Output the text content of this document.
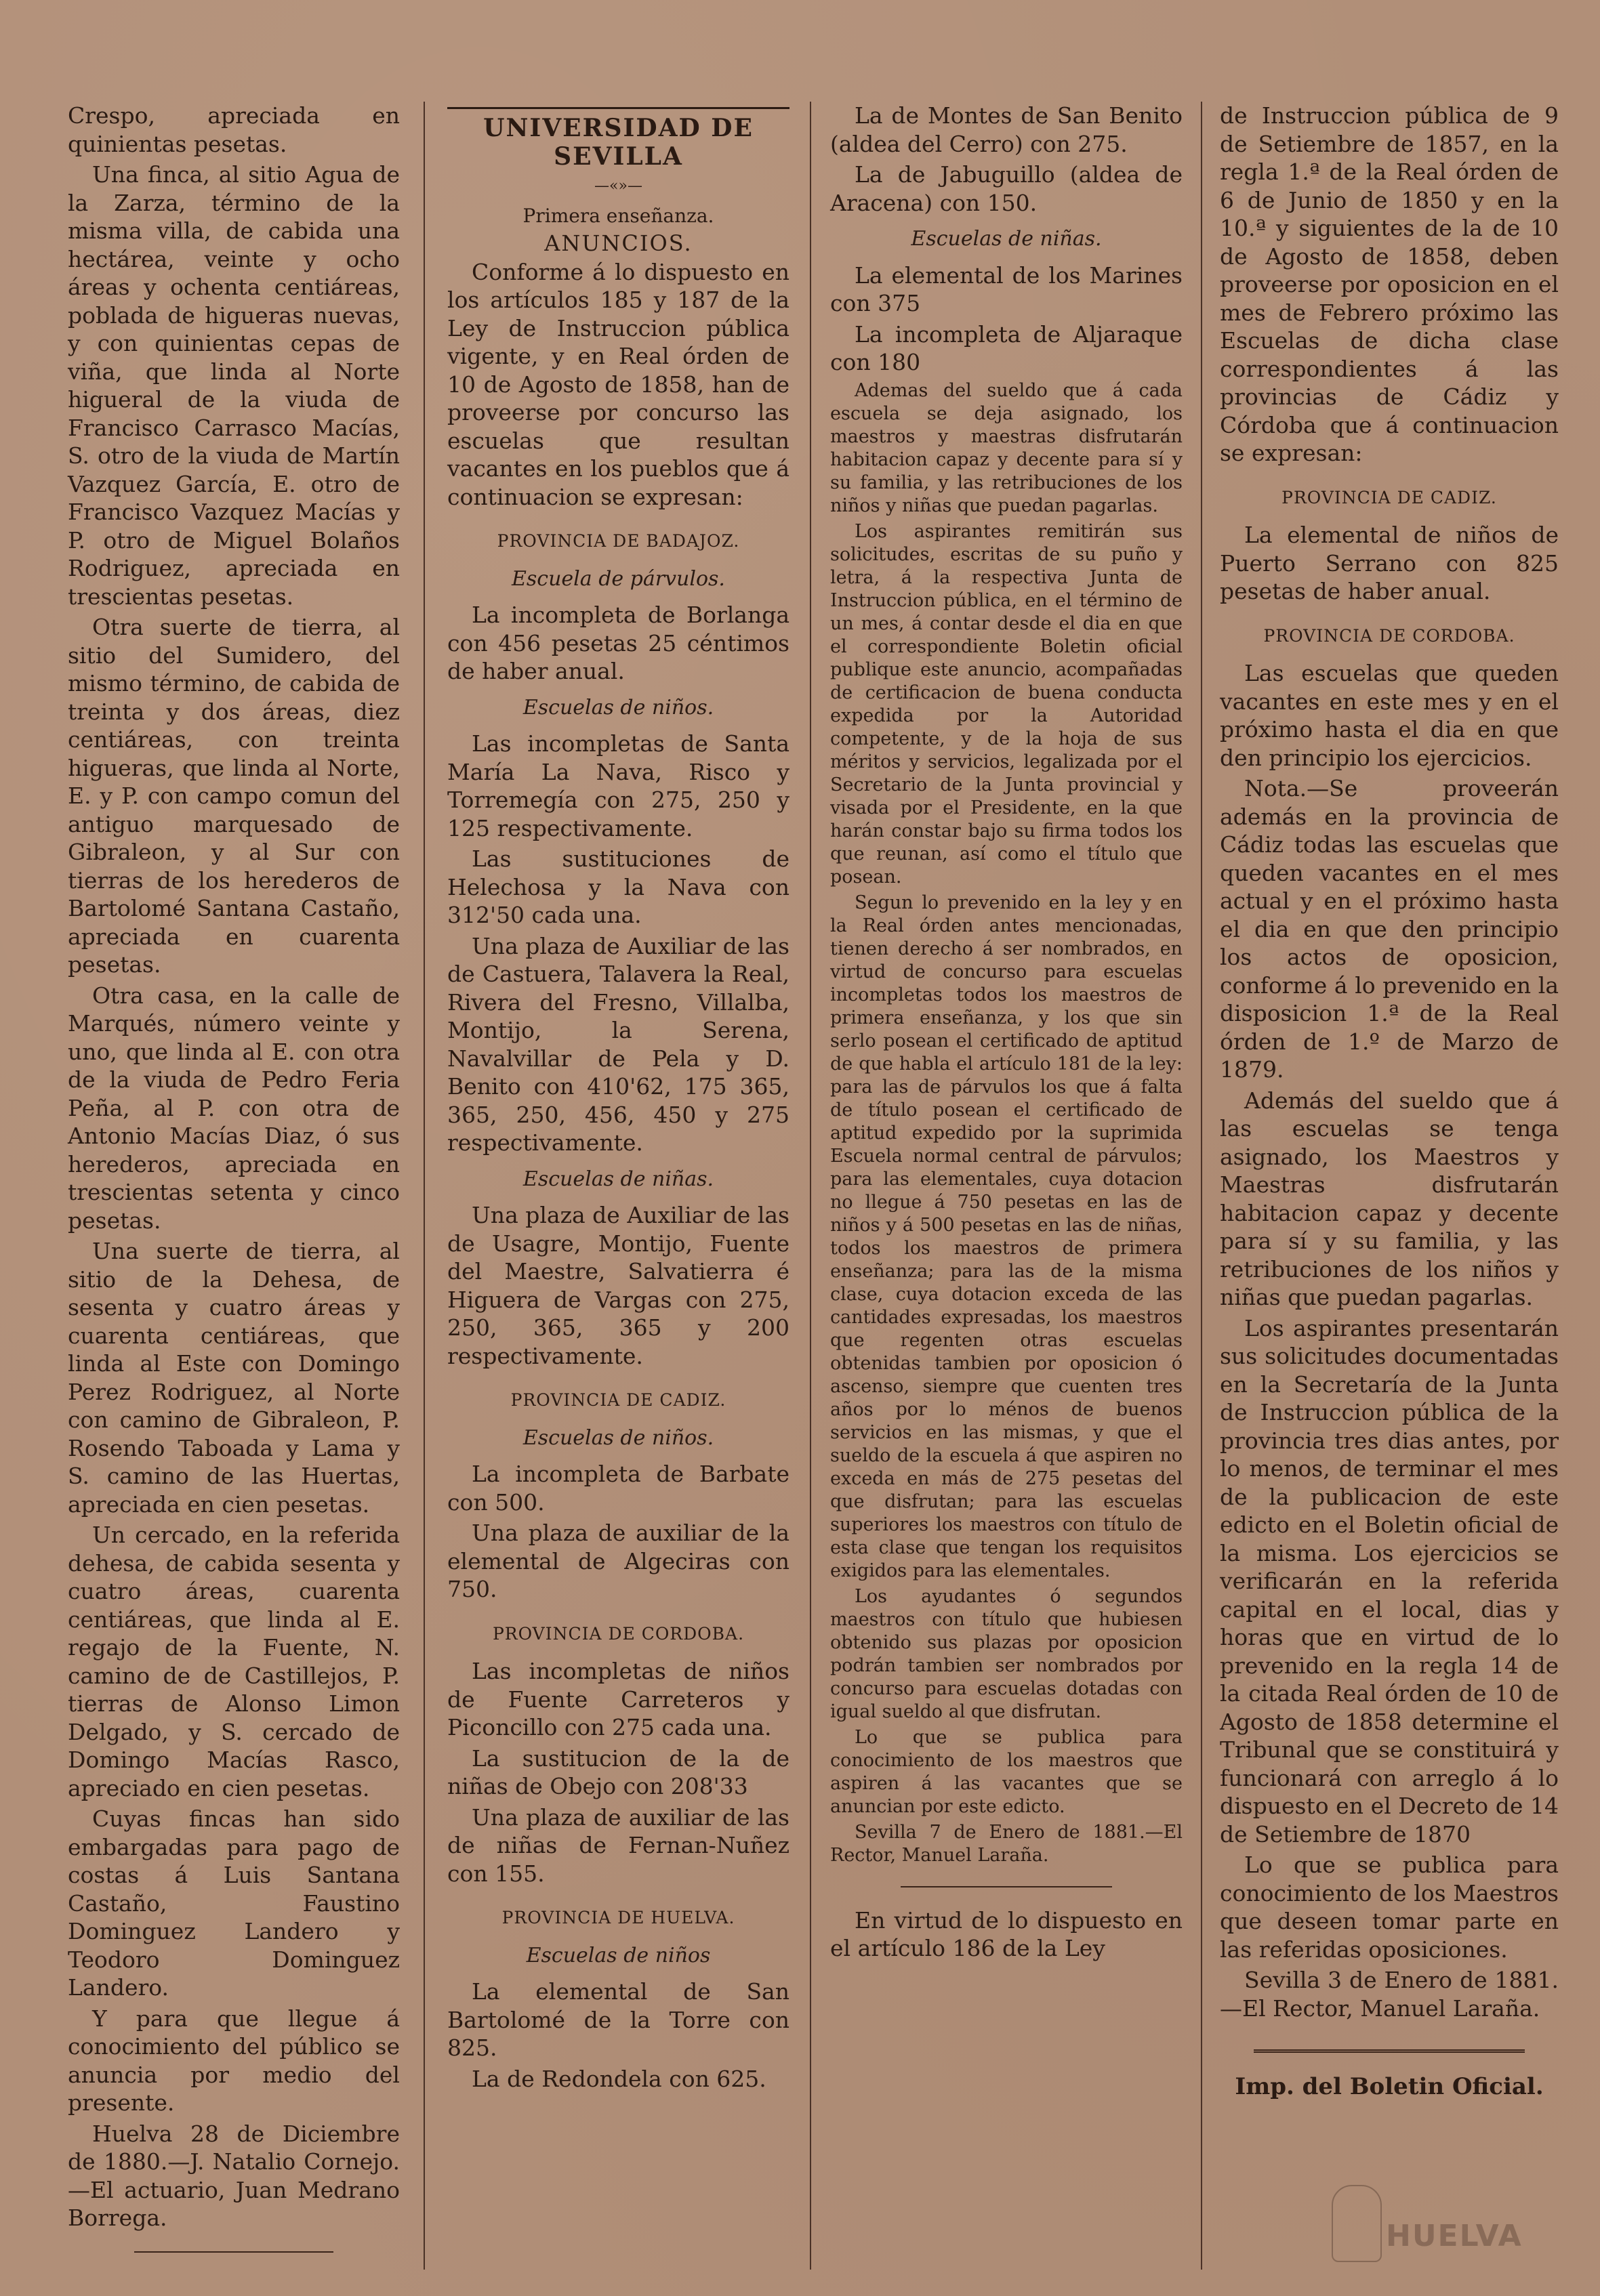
Crespo, apreciada en quinientas pesetas.

Una finca, al sitio Agua de la Zarza, término de la misma villa, de cabida una hectárea, veinte y ocho áreas y ochenta centiáreas, poblada de higueras nuevas, y con quinientas cepas de viña, que linda al Norte higueral de la viuda de Francisco Carrasco Macías, S. otro de la viuda de Martín Vazquez García, E. otro de Francisco Vazquez Macías y P. otro de Miguel Bolaños Rodriguez, apreciada en trescientas pesetas.

Otra suerte de tierra, al sitio del Sumidero, del mismo término, de cabida de treinta y dos áreas, diez centiáreas, con treinta higueras, que linda al Norte, E. y P. con campo comun del antiguo marquesado de Gibraleon, y al Sur con tierras de los herederos de Bartolomé Santana Castaño, apreciada en cuarenta pesetas.

Otra casa, en la calle de Marqués, número veinte y uno, que linda al E. con otra de la viuda de Pedro Feria Peña, al P. con otra de Antonio Macías Diaz, ó sus herederos, apreciada en trescientas setenta y cinco pesetas.

Una suerte de tierra, al sitio de la Dehesa, de sesenta y cuatro áreas y cuarenta centiáreas, que linda al Este con Domingo Perez Rodriguez, al Norte con camino de Gibraleon, P. Rosendo Taboada y Lama y S. camino de las Huertas, apreciada en cien pesetas.

Un cercado, en la referida dehesa, de cabida sesenta y cuatro áreas, cuarenta centiáreas, que linda al E. regajo de la Fuente, N. camino de de Castillejos, P. tierras de Alonso Limon Delgado, y S. cercado de Domingo Macías Rasco, apreciado en cien pesetas.

Cuyas fincas han sido embargadas para pago de costas á Luis Santana Castaño, Faustino Dominguez Landero y Teodoro Dominguez Landero.

Y para que llegue á conocimiento del público se anuncia por medio del presente.

Huelva 28 de Diciembre de 1880.—J. Natalio Cornejo.—El actuario, Juan Medrano Borrega.

UNIVERSIDAD DE SEVILLA
—«»—
Primera enseñanza.
ANUNCIOS.

Conforme á lo dispuesto en los artículos 185 y 187 de la Ley de Instruccion pública vigente, y en Real órden de 10 de Agosto de 1858, han de proveerse por concurso las escuelas que resultan vacantes en los pueblos que á continuacion se expresan:

PROVINCIA DE BADAJOZ.
Escuela de párvulos.

La incompleta de Borlanga con 456 pesetas 25 céntimos de haber anual.

Escuelas de niños.

Las incompletas de Santa María La Nava, Risco y Torremegía con 275, 250 y 125 respectivamente.

Las sustituciones de Helechosa y la Nava con 312'50 cada una.

Una plaza de Auxiliar de las de Castuera, Talavera la Real, Rivera del Fresno, Villalba, Montijo, la Serena, Navalvillar de Pela y D. Benito con 410'62, 175 365, 365, 250, 456, 450 y 275 respectivamente.

Escuelas de niñas.

Una plaza de Auxiliar de las de Usagre, Montijo, Fuente del Maestre, Salvatierra é Higuera de Vargas con 275, 250, 365, 365 y 200 respectivamente.

PROVINCIA DE CADIZ.
Escuelas de niños.

La incompleta de Barbate con 500.

Una plaza de auxiliar de la elemental de Algeciras con 750.

PROVINCIA DE CORDOBA.

Las incompletas de niños de Fuente Carreteros y Piconcillo con 275 cada una.

La sustitucion de la de niñas de Obejo con 208'33

Una plaza de auxiliar de las de niñas de Fernan-Nuñez con 155.

PROVINCIA DE HUELVA.
Escuelas de niños

La elemental de San Bartolomé de la Torre con 825.

La de Redondela con 625.

La de Montes de San Benito (aldea del Cerro) con 275.

La de Jabuguillo (aldea de Aracena) con 150.

Escuelas de niñas.

La elemental de los Marines con 375

La incompleta de Aljaraque con 180

Ademas del sueldo que á cada escuela se deja asignado, los maestros y maestras disfrutarán habitacion capaz y decente para sí y su familia, y las retribuciones de los niños y niñas que puedan pagarlas.

Los aspirantes remitirán sus solicitudes, escritas de su puño y letra, á la respectiva Junta de Instruccion pública, en el término de un mes, á contar desde el dia en que el correspondiente Boletin oficial publique este anuncio, acompañadas de certificacion de buena conducta expedida por la Autoridad competente, y de la hoja de sus méritos y servicios, legalizada por el Secretario de la Junta provincial y visada por el Presidente, en la que harán constar bajo su firma todos los que reunan, así como el título que posean.

Segun lo prevenido en la ley y en la Real órden antes mencionadas, tienen derecho á ser nombrados, en virtud de concurso para escuelas incompletas todos los maestros de primera enseñanza, y los que sin serlo posean el certificado de aptitud de que habla el artículo 181 de la ley: para las de párvulos los que á falta de título posean el certificado de aptitud expedido por la suprimida Escuela normal central de párvulos; para las elementales, cuya dotacion no llegue á 750 pesetas en las de niños y á 500 pesetas en las de niñas, todos los maestros de primera enseñanza; para las de la misma clase, cuya dotacion exceda de las cantidades expresadas, los maestros que regenten otras escuelas obtenidas tambien por oposicion ó ascenso, siempre que cuenten tres años por lo ménos de buenos servicios en las mismas, y que el sueldo de la escuela á que aspiren no exceda en más de 275 pesetas del que disfrutan; para las escuelas superiores los maestros con título de esta clase que tengan los requisitos exigidos para las elementales.

Los ayudantes ó segundos maestros con título que hubiesen obtenido sus plazas por oposicion podrán tambien ser nombrados por concurso para escuelas dotadas con igual sueldo al que disfrutan.

Lo que se publica para conocimiento de los maestros que aspiren á las vacantes que se anuncian por este edicto.

Sevilla 7 de Enero de 1881.—El Rector, Manuel Laraña.

En virtud de lo dispuesto en el artículo 186 de la Ley

de Instruccion pública de 9 de Setiembre de 1857, en la regla 1.ª de la Real órden de 6 de Junio de 1850 y en la 10.ª y siguientes de la de 10 de Agosto de 1858, deben proveerse por oposicion en el mes de Febrero próximo las Escuelas de dicha clase correspondientes á las provincias de Cádiz y Córdoba que á continuacion se expresan:

PROVINCIA DE CADIZ.

La elemental de niños de Puerto Serrano con 825 pesetas de haber anual.

PROVINCIA DE CORDOBA.

Las escuelas que queden vacantes en este mes y en el próximo hasta el dia en que den principio los ejercicios.

Nota.—Se proveerán además en la provincia de Cádiz todas las escuelas que queden vacantes en el mes actual y en el próximo hasta el dia en que den principio los actos de oposicion, conforme á lo prevenido en la disposicion 1.ª de la Real órden de 1.º de Marzo de 1879.

Además del sueldo que á las escuelas se tenga asignado, los Maestros y Maestras disfrutarán habitacion capaz y decente para sí y su familia, y las retribuciones de los niños y niñas que puedan pagarlas.

Los aspirantes presentarán sus solicitudes documentadas en la Secretaría de la Junta de Instruccion pública de la provincia tres dias antes, por lo menos, de terminar el mes de la publicacion de este edicto en el Boletin oficial de la misma. Los ejercicios se verificarán en la referida capital en el local, dias y horas que en virtud de lo prevenido en la regla 14 de la citada Real órden de 10 de Agosto de 1858 determine el Tribunal que se constituirá y funcionará con arreglo á lo dispuesto en el Decreto de 14 de Setiembre de 1870

Lo que se publica para conocimiento de los Maestros que deseen tomar parte en las referidas oposiciones.

Sevilla 3 de Enero de 1881.—El Rector, Manuel Laraña.

Imp. del Boletin Oficial.
HUELVA
